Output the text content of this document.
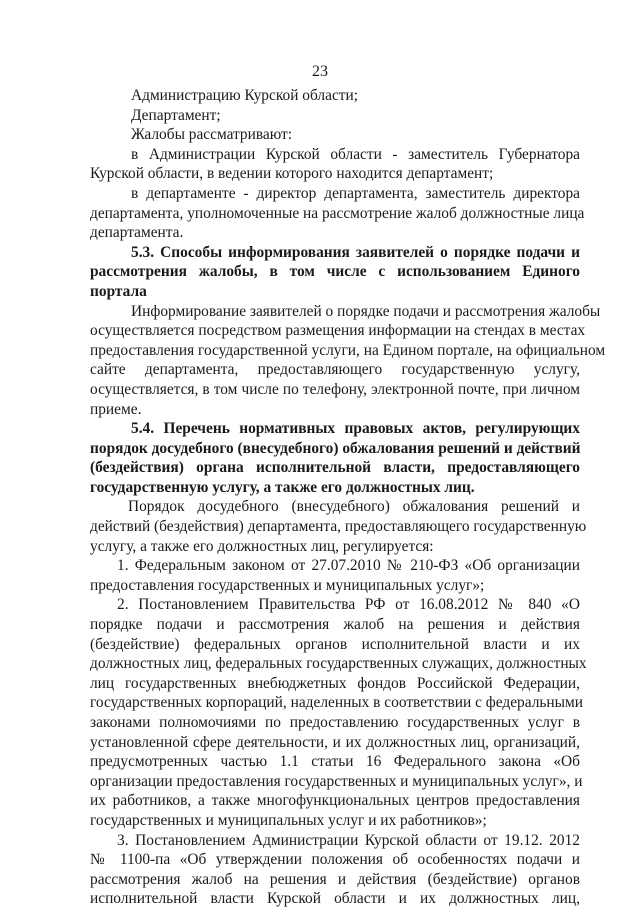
23
Администрацию Курской области;
Департамент;
Жалобы рассматривают:
в Администрации Курской области - заместитель Губернатора
Курской области, в ведении которого находится департамент;
в департаменте - директор департамента, заместитель директора
департамента, уполномоченные на рассмотрение жалоб должностные лица
департамента.
5.3. Способы информирования заявителей о порядке подачи и
рассмотрения жалобы, в том числе с использованием Единого
портала
Информирование заявителей о порядке подачи и рассмотрения жалобы
осуществляется посредством размещения информации на стендах в местах
предоставления государственной услуги, на Едином портале, на официальном
сайте департамента, предоставляющего государственную услугу,
осуществляется, в том числе по телефону, электронной почте, при личном
приеме.
5.4. Перечень нормативных правовых актов, регулирующих
порядок досудебного (внесудебного) обжалования решений и действий
(бездействия) органа исполнительной власти, предоставляющего
государственную услугу, а также его должностных лиц.
Порядок досудебного (внесудебного) обжалования решений и
действий (бездействия) департамента, предоставляющего государственную
услугу, а также его должностных лиц, регулируется:
1. Федеральным законом от 27.07.2010 № 210-ФЗ «Об организации
предоставления государственных и муниципальных услуг»;
2. Постановлением Правительства РФ от 16.08.2012 № 840 «О
порядке подачи и рассмотрения жалоб на решения и действия
(бездействие) федеральных органов исполнительной власти и их
должностных лиц, федеральных государственных служащих, должностных
лиц государственных внебюджетных фондов Российской Федерации,
государственных корпораций, наделенных в соответствии с федеральными
законами полномочиями по предоставлению государственных услуг в
установленной сфере деятельности, и их должностных лиц, организаций,
предусмотренных частью 1.1 статьи 16 Федерального закона «Об
организации предоставления государственных и муниципальных услуг», и
их работников, а также многофункциональных центров предоставления
государственных и муниципальных услуг и их работников»;
3. Постановлением Администрации Курской области от 19.12. 2012
№ 1100-па «Об утверждении положения об особенностях подачи и
рассмотрения жалоб на решения и действия (бездействие) органов
исполнительной власти Курской области и их должностных лиц,
